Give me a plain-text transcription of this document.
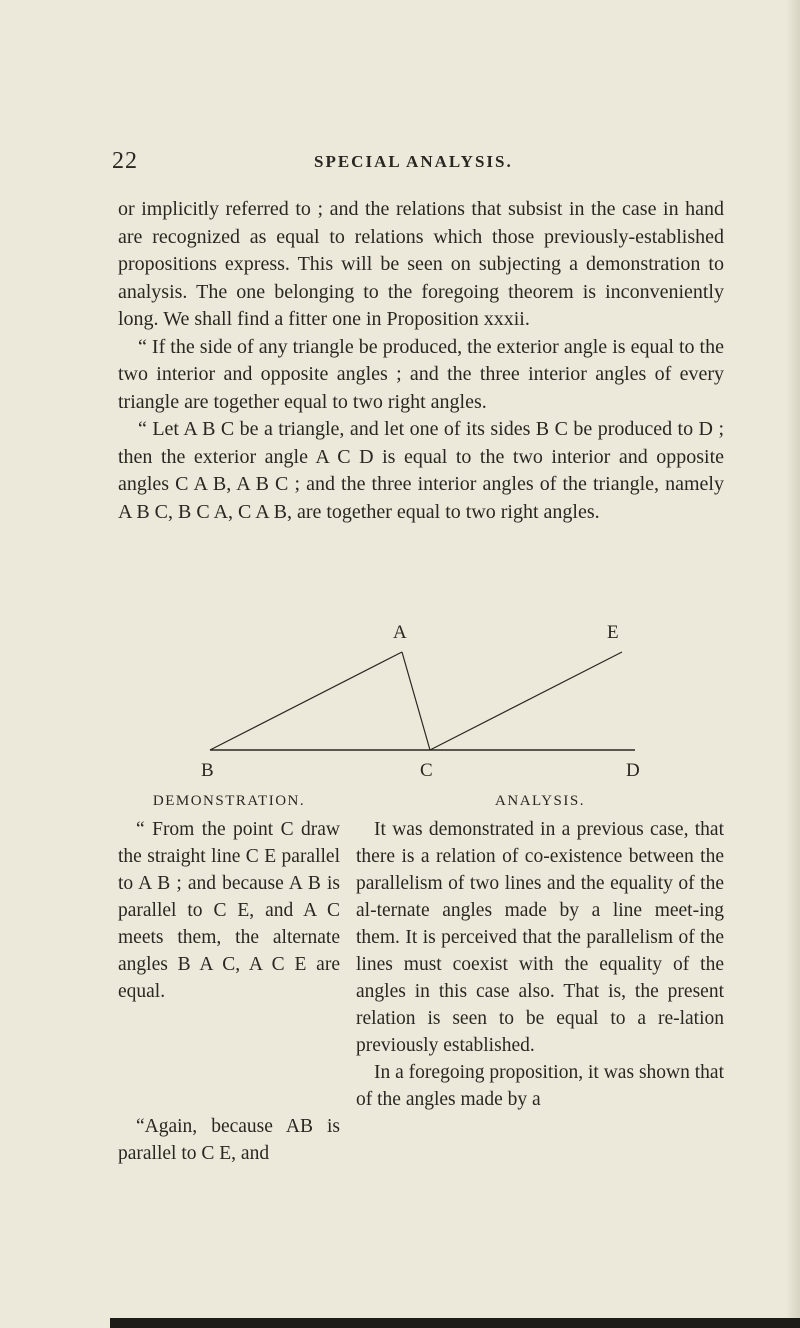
22	SPECIAL ANALYSIS.

or implicitly referred to ; and the relations that subsist in the case in hand are recognized as equal to relations which those previously-established propositions express. This will be seen on subjecting a demonstration to analysis. The one belonging to the foregoing theorem is inconveniently long. We shall find a fitter one in Proposition xxxii.

“ If the side of any triangle be produced, the exterior angle is equal to the two interior and opposite angles ; and the three interior angles of every triangle are together equal to two right angles.

“ Let A B C be a triangle, and let one of its sides B C be produced to D ; then the exterior angle A C D is equal to the two interior and opposite angles C A B, A B C ; and the three interior angles of the triangle, namely A B C, B C A, C A B, are together equal to two right angles.

A	E
B	C	D
DEMONSTRATION.

“ From the point C draw the straight line C E parallel to A B ; and because A B is parallel to C E, and A C meets them, the alternate angles B A C, A C E are equal.

“Again, because AB is parallel to C E, and

ANALYSIS.

It was demonstrated in a previous case, that there is a relation of co-existence between the parallelism of two lines and the equality of the al-ternate angles made by a line meet-ing them. It is perceived that the parallelism of the lines must coexist with the equality of the angles in this case also. That is, the present relation is seen to be equal to a re-lation previously established.

In a foregoing proposition, it was shown that of the angles made by a
